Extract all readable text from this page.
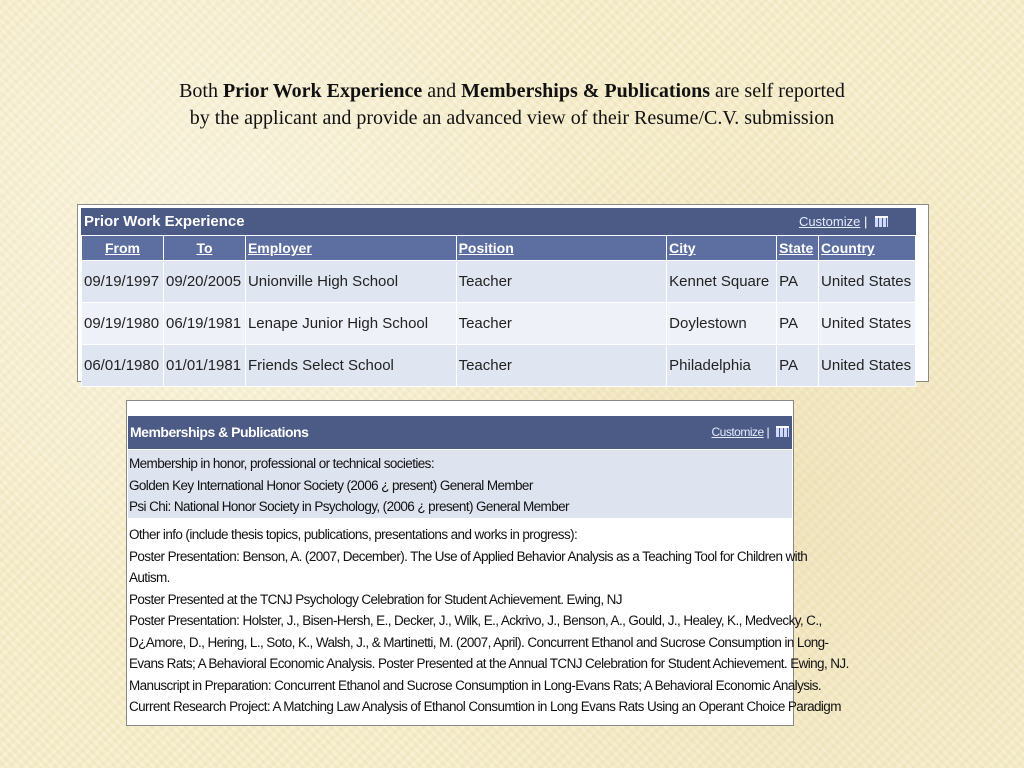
Both Prior Work Experience and Memberships & Publications are self reported
by the applicant and provide an advanced view of their Resume/C.V. submission
Prior Work Experience	Customize |
From	To	Employer	Position	City	State	Country
09/19/1997	09/20/2005	Unionville High School	Teacher	Kennet Square	PA	United States
09/19/1980	06/19/1981	Lenape Junior High School	Teacher	Doylestown	PA	United States
06/01/1980	01/01/1981	Friends Select School	Teacher	Philadelphia	PA	United States
Memberships & Publications	Customize |
Membership in honor, professional or technical societies:
Golden Key International Honor Society (2006 ¿ present) General Member
Psi Chi: National Honor Society in Psychology, (2006 ¿ present) General Member
Other info (include thesis topics, publications, presentations and works in progress):
Poster Presentation: Benson, A. (2007, December). The Use of Applied Behavior Analysis as a Teaching Tool for Children with
Autism.
Poster Presented at the TCNJ Psychology Celebration for Student Achievement. Ewing, NJ
Poster Presentation: Holster, J., Bisen-Hersh, E., Decker, J., Wilk, E., Ackrivo, J., Benson, A., Gould, J., Healey, K., Medvecky, C.,
D¿Amore, D., Hering, L., Soto, K., Walsh, J., & Martinetti, M. (2007, April). Concurrent Ethanol and Sucrose Consumption in Long-
Evans Rats; A Behavioral Economic Analysis. Poster Presented at the Annual TCNJ Celebration for Student Achievement. Ewing, NJ.
Manuscript in Preparation: Concurrent Ethanol and Sucrose Consumption in Long-Evans Rats; A Behavioral Economic Analysis.
Current Research Project: A Matching Law Analysis of Ethanol Consumtion in Long Evans Rats Using an Operant Choice Paradigm
